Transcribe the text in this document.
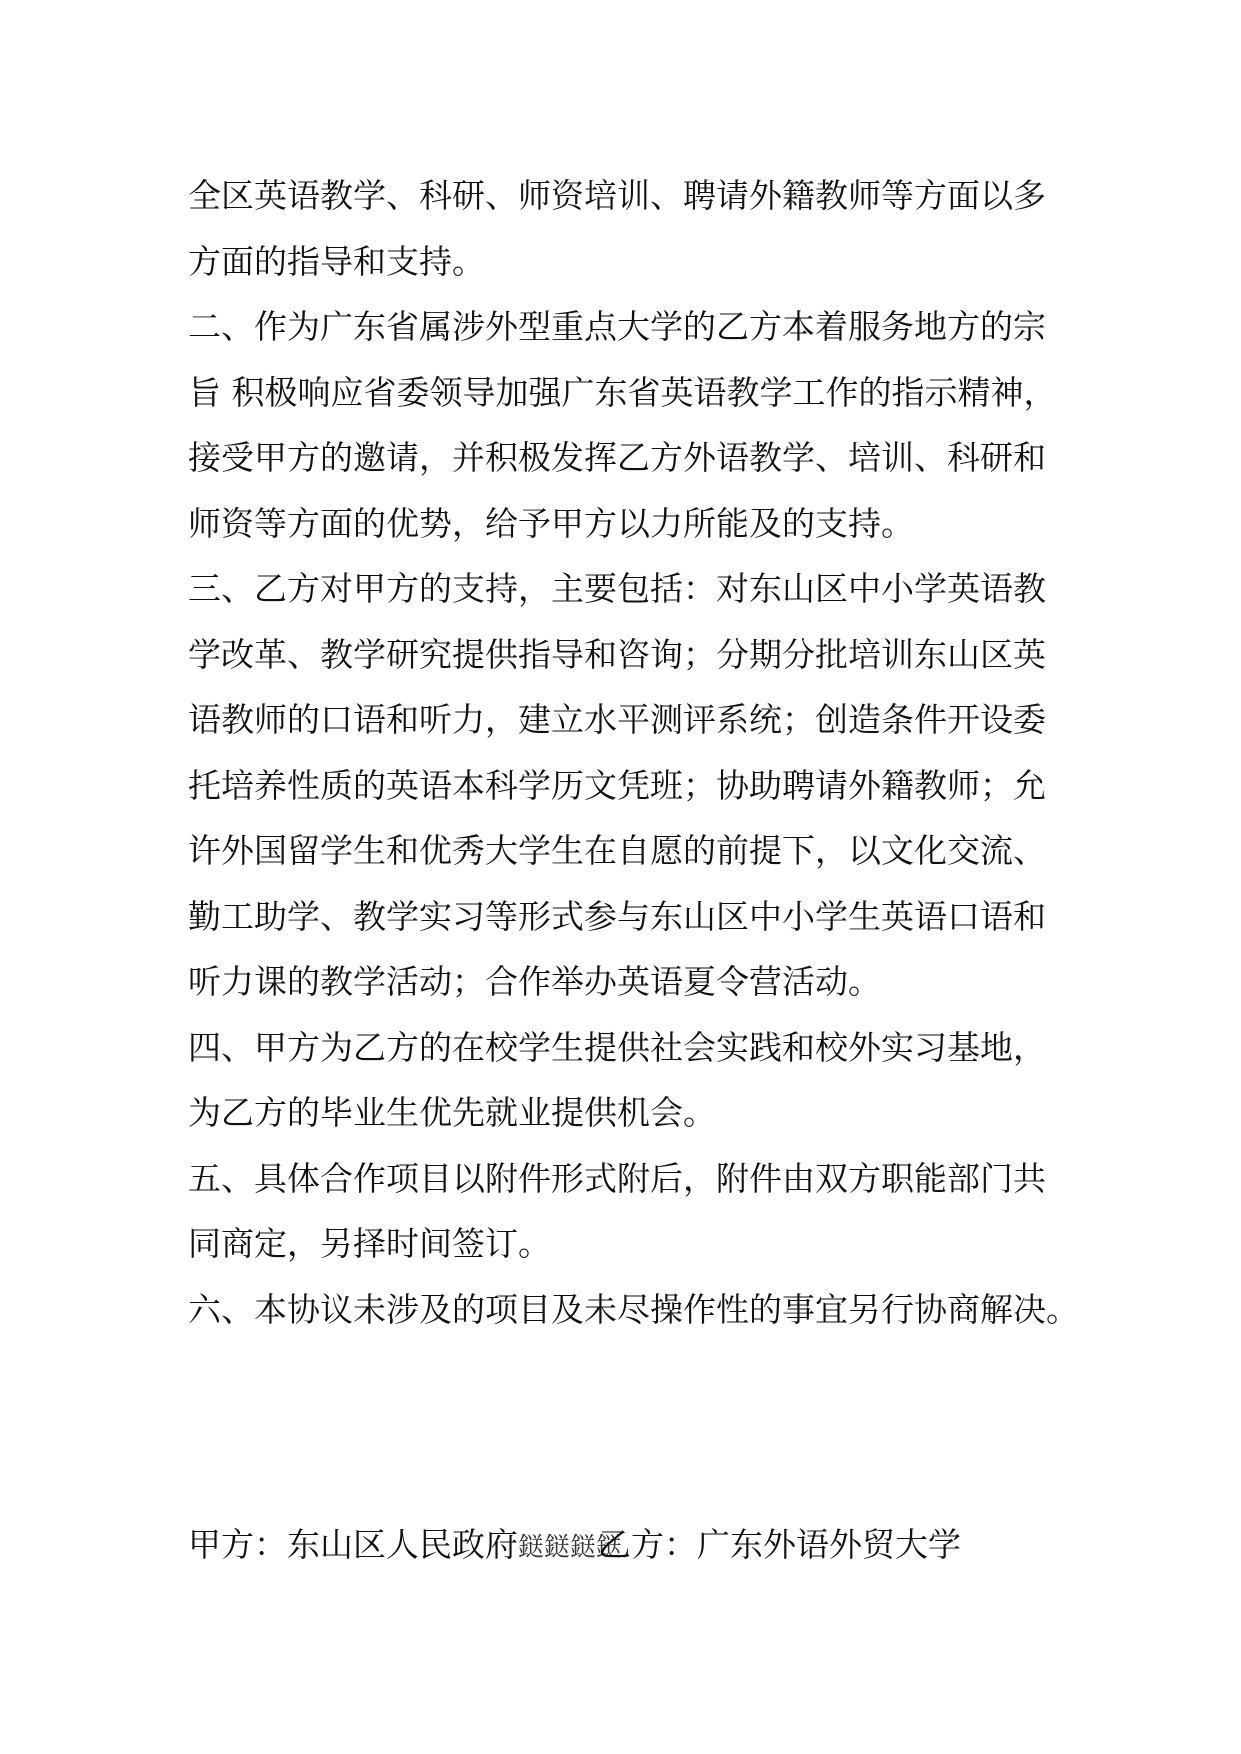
全区英语教学、科研、师资培训、聘请外籍教师等方面以多
方面的指导和支持。
二、作为广东省属涉外型重点大学的乙方本着服务地方的宗
旨 积极响应省委领导加强广东省英语教学工作的指示精神，
接受甲方的邀请，并积极发挥乙方外语教学、培训、科研和
师资等方面的优势，给予甲方以力所能及的支持。
三、乙方对甲方的支持，主要包括：对东山区中小学英语教
学改革、教学研究提供指导和咨询；分期分批培训东山区英
语教师的口语和听力，建立水平测评系统；创造条件开设委
托培养性质的英语本科学历文凭班；协助聘请外籍教师；允
许外国留学生和优秀大学生在自愿的前提下，以文化交流、
勤工助学、教学实习等形式参与东山区中小学生英语口语和
听力课的教学活动；合作举办英语夏令营活动。
四、甲方为乙方的在校学生提供社会实践和校外实习基地，
为乙方的毕业生优先就业提供机会。
五、具体合作项目以附件形式附后，附件由双方职能部门共
同商定，另择时间签订。
六、本协议未涉及的项目及未尽操作性的事宜另行协商解决。
甲方：东山区人民政府鎹鎹鎹鎹乙方：广东外语外贸大学
